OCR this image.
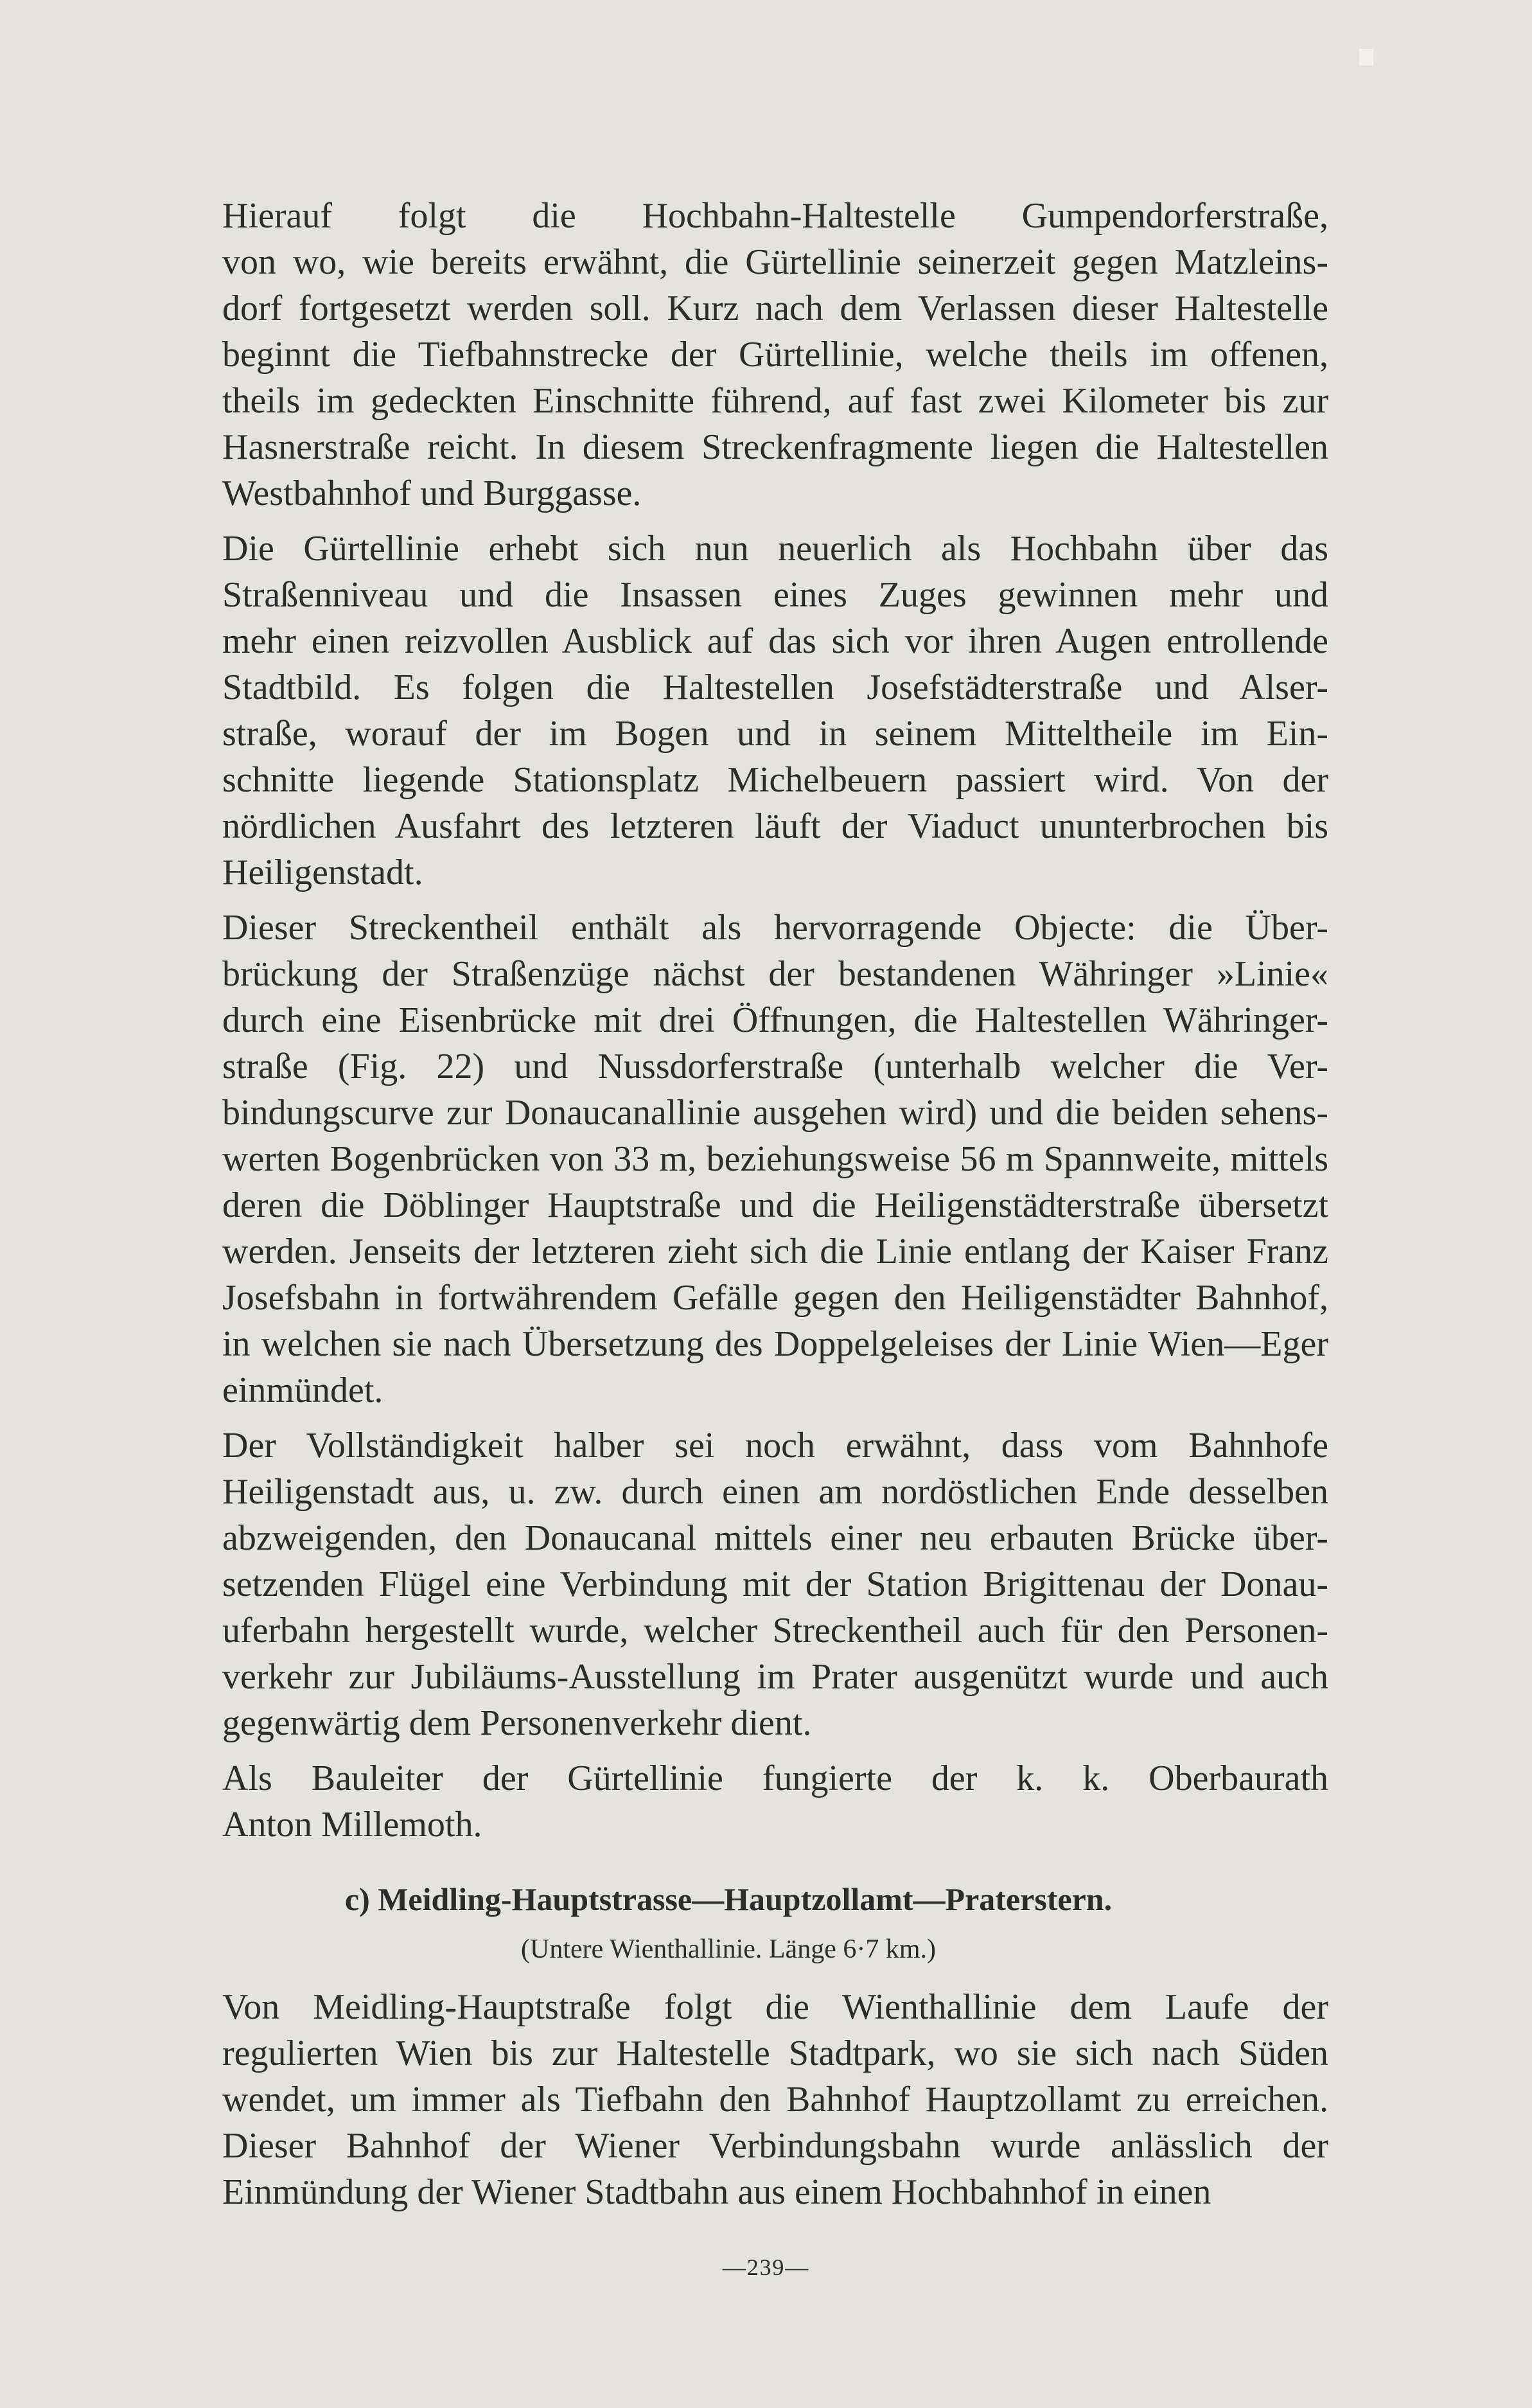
Hierauf folgt die Hochbahn-Haltestelle Gumpendorferstraße,
von wo, wie bereits erwähnt, die Gürtellinie seinerzeit gegen Matzleins-
dorf fortgesetzt werden soll. Kurz nach dem Verlassen dieser Haltestelle
beginnt die Tiefbahnstrecke der Gürtellinie, welche theils im offenen,
theils im gedeckten Einschnitte führend, auf fast zwei Kilometer bis zur
Hasnerstraße reicht. In diesem Streckenfragmente liegen die Haltestellen
Westbahnhof und Burggasse.

Die Gürtellinie erhebt sich nun neuerlich als Hochbahn über das
Straßenniveau und die Insassen eines Zuges gewinnen mehr und
mehr einen reizvollen Ausblick auf das sich vor ihren Augen entrollende
Stadtbild. Es folgen die Haltestellen Josefstädterstraße und Alser-
straße, worauf der im Bogen und in seinem Mitteltheile im Ein-
schnitte liegende Stationsplatz Michelbeuern passiert wird. Von der
nördlichen Ausfahrt des letzteren läuft der Viaduct ununterbrochen bis
Heiligenstadt.

Dieser Streckentheil enthält als hervorragende Objecte: die Über-
brückung der Straßenzüge nächst der bestandenen Währinger »Linie«
durch eine Eisenbrücke mit drei Öffnungen, die Haltestellen Währinger-
straße (Fig. 22) und Nussdorferstraße (unterhalb welcher die Ver-
bindungscurve zur Donaucanallinie ausgehen wird) und die beiden sehens-
werten Bogenbrücken von 33 m, beziehungsweise 56 m Spannweite, mittels
deren die Döblinger Hauptstraße und die Heiligenstädterstraße übersetzt
werden. Jenseits der letzteren zieht sich die Linie entlang der Kaiser Franz
Josefsbahn in fortwährendem Gefälle gegen den Heiligenstädter Bahnhof,
in welchen sie nach Übersetzung des Doppelgeleises der Linie Wien—Eger
einmündet.

Der Vollständigkeit halber sei noch erwähnt, dass vom Bahnhofe
Heiligenstadt aus, u. zw. durch einen am nordöstlichen Ende desselben
abzweigenden, den Donaucanal mittels einer neu erbauten Brücke über-
setzenden Flügel eine Verbindung mit der Station Brigittenau der Donau-
uferbahn hergestellt wurde, welcher Streckentheil auch für den Personen-
verkehr zur Jubiläums-Ausstellung im Prater ausgenützt wurde und auch
gegenwärtig dem Personenverkehr dient.

Als Bauleiter der Gürtellinie fungierte der k. k. Oberbaurath
Anton Millemoth.

c) Meidling-Hauptstrasse—Hauptzollamt—Praterstern.
(Untere Wienthallinie. Länge 6·7 km.)

Von Meidling-Hauptstraße folgt die Wienthallinie dem Laufe der
regulierten Wien bis zur Haltestelle Stadtpark, wo sie sich nach Süden
wendet, um immer als Tiefbahn den Bahnhof Hauptzollamt zu erreichen.
Dieser Bahnhof der Wiener Verbindungsbahn wurde anlässlich der
Einmündung der Wiener Stadtbahn aus einem Hochbahnhof in einen

—239—
